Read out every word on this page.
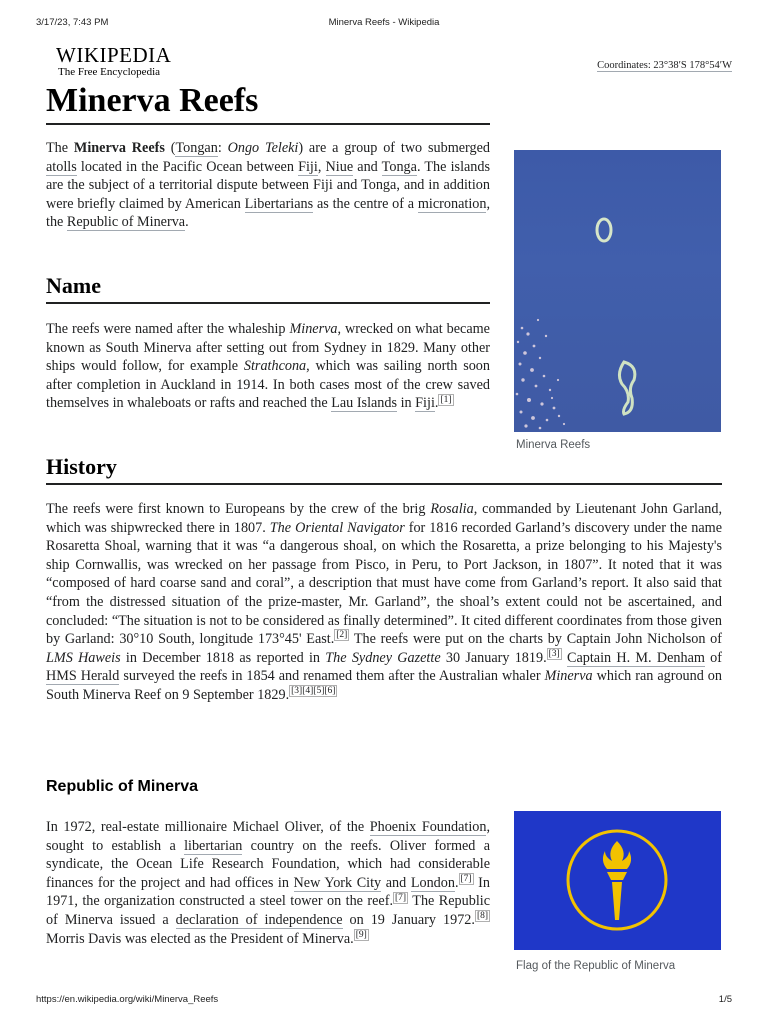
3/17/23, 7:43 PM	Minerva Reefs - Wikipedia
WIKIPEDIA
The Free Encyclopedia
Coordinates: 23°38′S 178°54′W
Minerva Reefs

The Minerva Reefs (Tongan: Ongo Teleki) are a group of two submerged atolls located in the Pacific Ocean between Fiji, Niue and Tonga. The islands are the subject of a territorial dispute between Fiji and Tonga, and in addition were briefly claimed by American Libertarians as the centre of a micronation, the Republic of Minerva.

Minerva Reefs
Name

The reefs were named after the whaleship Minerva, wrecked on what became known as South Minerva after setting out from Sydney in 1829. Many other ships would follow, for example Strathcona, which was sailing north soon after completion in Auckland in 1914. In both cases most of the crew saved themselves in whaleboats or rafts and reached the Lau Islands in Fiji. [1]

History

The reefs were first known to Europeans by the crew of the brig Rosalia, commanded by Lieutenant John Garland, which was shipwrecked there in 1807. The Oriental Navigator for 1816 recorded Garland’s discovery under the name Rosaretta Shoal, warning that it was “a dangerous shoal, on which the Rosaretta, a prize belonging to his Majesty's ship Cornwallis, was wrecked on her passage from Pisco, in Peru, to Port Jackson, in 1807”. It noted that it was “composed of hard coarse sand and coral”, a description that must have come from Garland’s report. It also said that “from the distressed situation of the prize-master, Mr. Garland”, the shoal’s extent could not be ascertained, and concluded: “The situation is not to be considered as finally determined”. It cited different coordinates from those given by Garland: 30°10 South, longitude 173°45' East. [2] The reefs were put on the charts by Captain John Nicholson of LMS Haweis in December 1818 as reported in The Sydney Gazette 30 January 1819. [3] Captain H. M. Denham of HMS Herald surveyed the reefs in 1854 and renamed them after the Australian whaler Minerva which ran aground on South Minerva Reef on 9 September 1829. [3][4][5][6]

Republic of Minerva

In 1972, real-estate millionaire Michael Oliver, of the Phoenix Foundation, sought to establish a libertarian country on the reefs. Oliver formed a syndicate, the Ocean Life Research Foundation, which had considerable finances for the project and had offices in New York City and London. [7] In 1971, the organization constructed a steel tower on the reef. [7] The Republic of Minerva issued a declaration of independence on 19 January 1972. [8] Morris Davis was elected as the President of Minerva. [9]

Flag of the Republic of Minerva
https://en.wikipedia.org/wiki/Minerva_Reefs	1/5
